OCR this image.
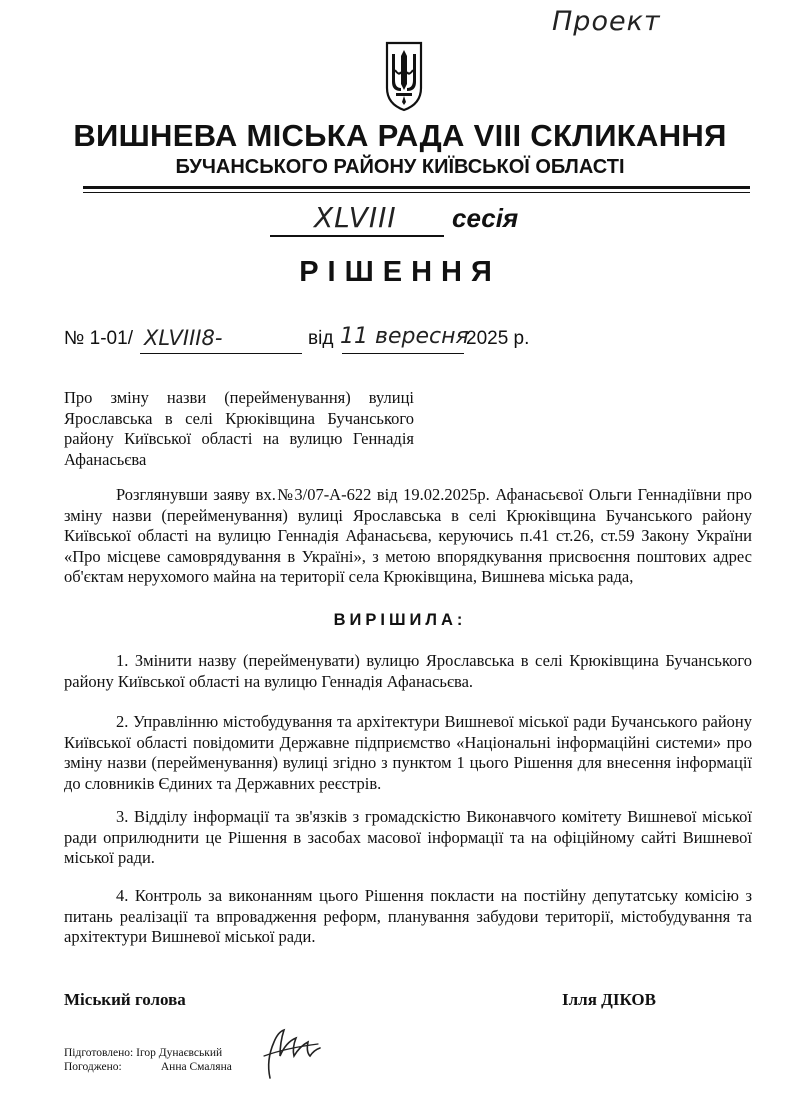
Проект
ВИШНЕВА МІСЬКА РАДА VIII СКЛИКАННЯ
БУЧАНСЬКОГО РАЙОНУ КИЇВСЬКОЇ ОБЛАСТІ
XLVIII сесія
РІШЕННЯ
№ 1-01/ XLVIII8-	від 11 вересня
2025 р.
Про зміну назви (перейменування) вулиці Ярославська в селі Крюківщина Бучанського району Київської області на вулицю Геннадія Афанасьєва
Розглянувши заяву вх.№3/07-А-622 від 19.02.2025р. Афанасьєвої Ольги Геннадіївни про зміну назви (перейменування) вулиці Ярославська в селі Крюківщина Бучанського району Київської області на вулицю Геннадія Афанасьєва, керуючись п.41 ст.26, ст.59 Закону України «Про місцеве самоврядування в Україні», з метою впорядкування присвоєння поштових адрес об'єктам нерухомого майна на території села Крюківщина, Вишнева міська рада,
ВИРІШИЛА:
1. Змінити назву (перейменувати) вулицю Ярославська в селі Крюківщина Бучанського району Київської області на вулицю Геннадія Афанасьєва.
2. Управлінню містобудування та архітектури Вишневої міської ради Бучанського району Київської області повідомити Державне підприємство «Національні інформаційні системи» про зміну назви (перейменування) вулиці згідно з пунктом 1 цього Рішення для внесення інформації до словників Єдиних та Державних реєстрів.
3. Відділу інформації та зв'язків з громадскістю Виконавчого комітету Вишневої міської ради оприлюднити це Рішення в засобах масової інформації та на офіційному сайті Вишневої міської ради.
4. Контроль за виконанням цього Рішення покласти на постійну депутатську комісію з питань реалізації та впровадження реформ, планування забудови території, містобудування та архітектури Вишневої міської ради.
Міський голова	Ілля ДІКОВ
Підготовлено: Ігор Дунаєвський
Погоджено:	Анна Смаляна
